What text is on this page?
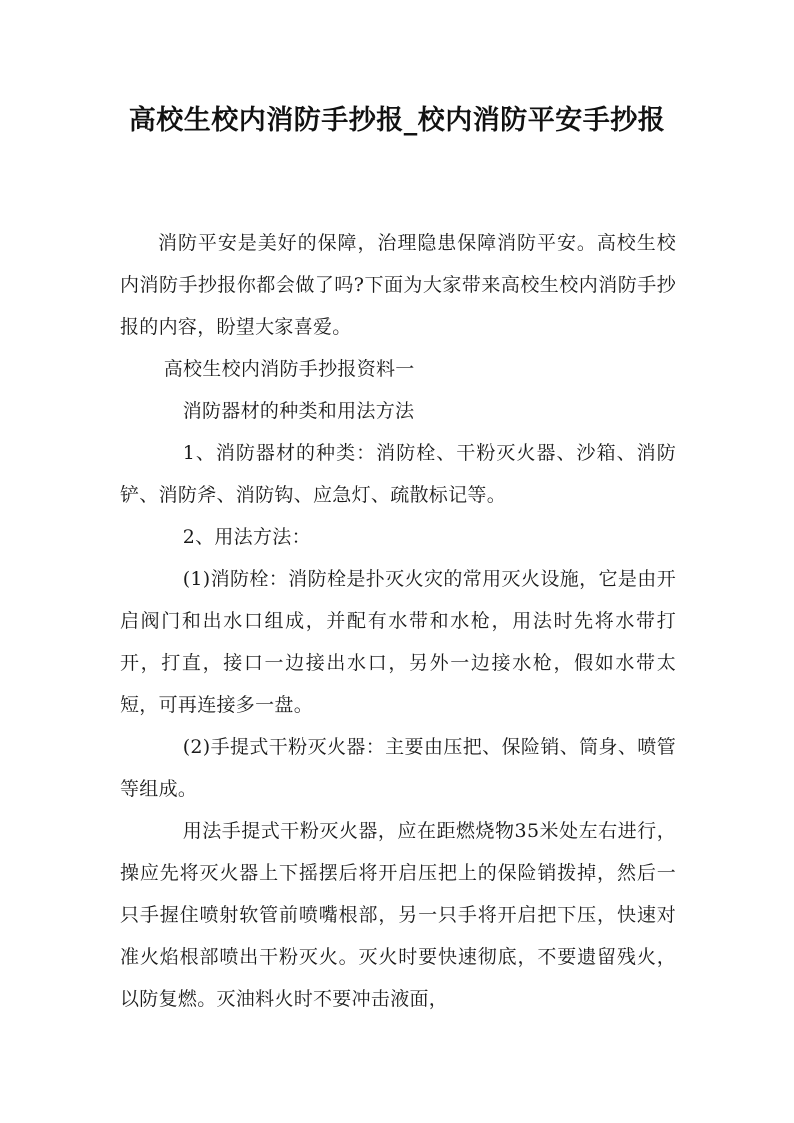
高校生校内消防手抄报_校内消防平安手抄报

消防平安是美好的保障，治理隐患保障消防平安。高校生校内消防手抄报你都会做了吗?下面为大家带来高校生校内消防手抄报的内容，盼望大家喜爱。

高校生校内消防手抄报资料一

消防器材的种类和用法方法

1、消防器材的种类：消防栓、干粉灭火器、沙箱、消防铲、消防斧、消防钩、应急灯、疏散标记等。

2、用法方法：

(1)消防栓：消防栓是扑灭火灾的常用灭火设施，它是由开启阀门和出水口组成，并配有水带和水枪，用法时先将水带打开，打直，接口一边接出水口，另外一边接水枪，假如水带太短，可再连接多一盘。

(2)手提式干粉灭火器：主要由压把、保险销、筒身、喷管等组成。

用法手提式干粉灭火器，应在距燃烧物35米处左右进行，操应先将灭火器上下摇摆后将开启压把上的保险销拨掉，然后一只手握住喷射软管前喷嘴根部，另一只手将开启把下压，快速对准火焰根部喷出干粉灭火。灭火时要快速彻底，不要遗留残火，以防复燃。灭油料火时不要冲击液面，
